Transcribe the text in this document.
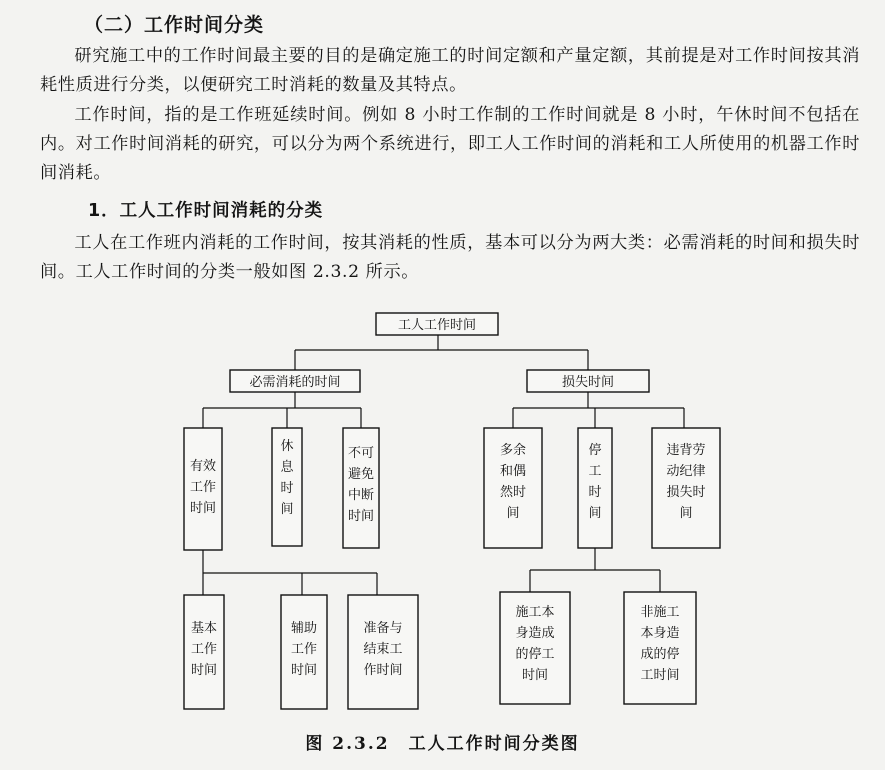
（二）工作时间分类

研究施工中的工作时间最主要的目的是确定施工的时间定额和产量定额，其前提是对工作时间按其消耗性质进行分类，以便研究工时消耗的数量及其特点。

工作时间，指的是工作班延续时间。例如 8 小时工作制的工作时间就是 8 小时，午休时间不包括在内。对工作时间消耗的研究，可以分为两个系统进行，即工人工作时间的消耗和工人所使用的机器工作时间消耗。

1．工人工作时间消耗的分类

工人在工作班内消耗的工作时间，按其消耗的性质，基本可以分为两大类：必需消耗的时间和损失时间。工人工作时间的分类一般如图 2.3.2 所示。

工人工作时间
必需消耗的时间	损失时间
有效工作时间
休息时间
不可避免中断时间
多余和偶然时间
停工时间
违背劳动纪律损失时间
基本工作时间
辅助工作时间
准备与结束工作时间
施工本身造成的停工时间
非施工本身造成的停工时间
图 2.3.2　工人工作时间分类图
